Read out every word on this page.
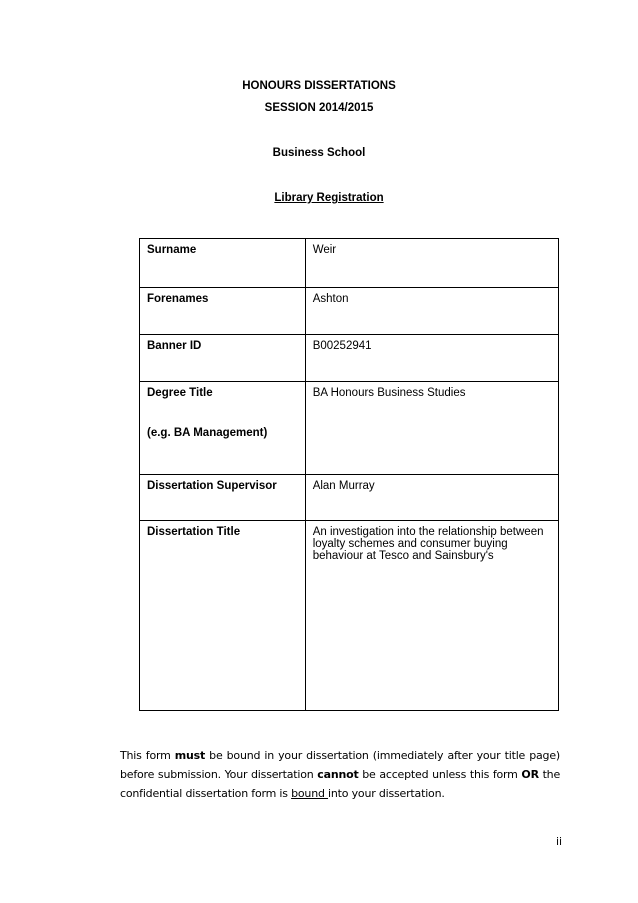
HONOURS DISSERTATIONS
SESSION 2014/2015
Business School
Library Registration
Surname	Weir
Forenames	Ashton
Banner ID	B00252941

Degree Title
(e.g. BA Management)	BA Honours Business Studies
Dissertation Supervisor	Alan Murray
Dissertation Title	An investigation into the relationship between loyalty schemes and consumer buying behaviour at Tesco and Sainsbury's
This form must be bound in your dissertation (immediately after your title page) before submission. Your dissertation cannot be accepted unless this form OR the confidential dissertation form is bound into your dissertation.
ii
